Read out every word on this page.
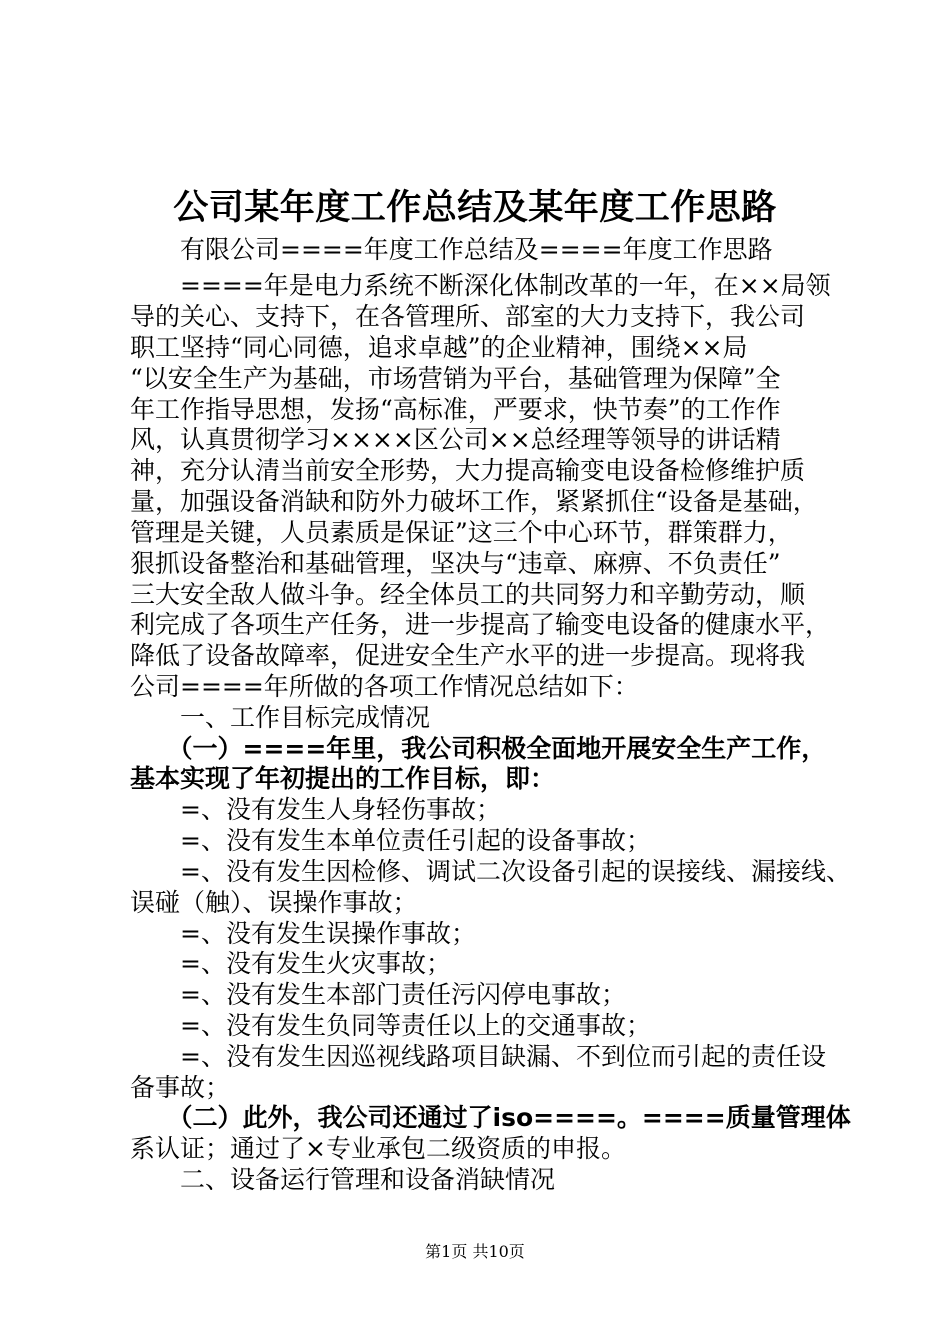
公司某年度工作总结及某年度工作思路
　　有限公司====年度工作总结及====年度工作思路
　　====年是电力系统不断深化体制改革的一年，在××局领
导的关心、支持下，在各管理所、部室的大力支持下，我公司
职工坚持“同心同德，追求卓越”的企业精神，围绕××局
“以安全生产为基础，市场营销为平台，基础管理为保障”全
年工作指导思想，发扬“高标准，严要求，快节奏”的工作作
风，认真贯彻学习××××区公司××总经理等领导的讲话精
神，充分认清当前安全形势，大力提高输变电设备检修维护质
量，加强设备消缺和防外力破坏工作，紧紧抓住“设备是基础，
管理是关键，人员素质是保证”这三个中心环节，群策群力，
狠抓设备整治和基础管理，坚决与“违章、麻痹、不负责任”
三大安全敌人做斗争。经全体员工的共同努力和辛勤劳动，顺
利完成了各项生产任务，进一步提高了输变电设备的健康水平，
降低了设备故障率，促进安全生产水平的进一步提高。现将我
公司====年所做的各项工作情况总结如下：
　　一、工作目标完成情况
　　（一）====年里，我公司积极全面地开展安全生产工作，
基本实现了年初提出的工作目标，即：
　　=、没有发生人身轻伤事故；
　　=、没有发生本单位责任引起的设备事故；
　　=、没有发生因检修、调试二次设备引起的误接线、漏接线、
误碰（触）、误操作事故；
　　=、没有发生误操作事故；
　　=、没有发生火灾事故；
　　=、没有发生本部门责任污闪停电事故；
　　=、没有发生负同等责任以上的交通事故；
　　=、没有发生因巡视线路项目缺漏、不到位而引起的责任设
备事故；
　　（二）此外，我公司还通过了iso====。====质量管理体
系认证；通过了×专业承包二级资质的申报。
　　二、设备运行管理和设备消缺情况
第1页 共10页
